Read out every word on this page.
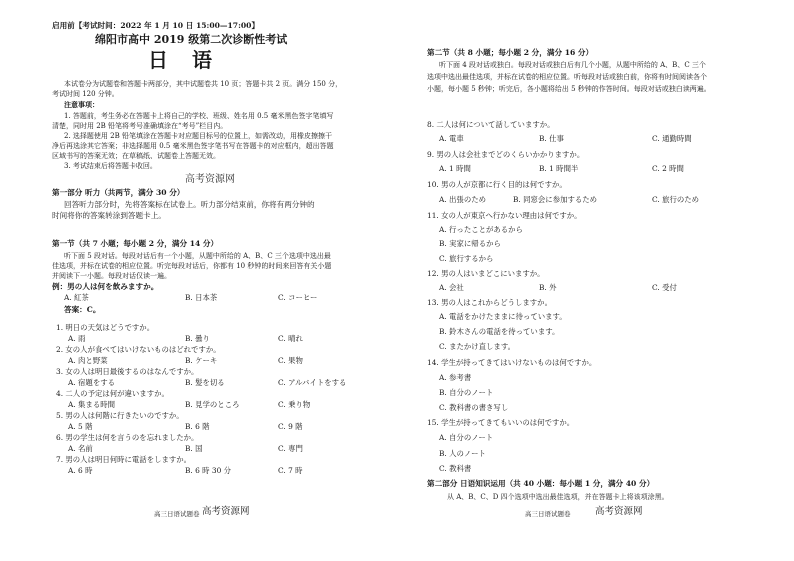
启用前【考试时间：2022 年 1 月 10 日 15:00—17:00】
绵阳市高中 2019 级第二次诊断性考试
日　语
本试卷分为试题卷和答题卡两部分，其中试题卷共 10 页；答题卡共 2 页。满分 150 分，
考试时间 120 分钟。
注意事项：
1. 答题前，考生务必在答题卡上将自己的学校、班级、姓名用 0.5 毫米黑色签字笔填写
清楚，同时用 2B 铅笔将考号准确填涂在“考号”栏目内。
2. 选择题使用 2B 铅笔填涂在答题卡对应题目标号的位置上，如需改动，用橡皮擦擦干
净后再选涂其它答案；非选择题用 0.5 毫米黑色签字笔书写在答题卡的对应框内，超出答题
区域书写的答案无效；在草稿纸、试题卷上答题无效。
3. 考试结束后将答题卡收回。
高考资源网
第一部分 听力（共两节，满分 30 分）
回答听力部分时，先将答案标在试卷上。听力部分结束前，你将有两分钟的
时间将你的答案转涂到答题卡上。
第一节（共 7 小题；每小题 2 分，满分 14 分）
听下面 5 段对话。每段对话后有一个小题，从题中所给的 A、B、C 三个选项中选出最
佳选项，并标在试卷的相应位置。听完每段对话后，你都有 10 秒钟的时间来回答有关小题
并阅读下一小题。每段对话仅读一遍。
例：男の人は何を飲みますか。
A. 紅茶	B. 日本茶	C. コーヒー
答案：C。
1. 明日の天気はどうですか。
A. 雨	B. 曇り	C. 晴れ
2. 女の人が食べてはいけないものはどれですか。
A. 肉と野菜	B. ケーキ	C. 果物
3. 女の人は明日最後するのはなんですか。
A. 宿題をする	B. 髪を切る	C. アルバイトをする
4. 二人の予定は何が違いますか。
A. 集まる時間	B. 見学のところ	C. 乗り物
5. 男の人は何階に行きたいのですか。
A. 5 階	B. 6 階	C. 9 階
6. 男の学生は何を言うのを忘れましたか。
A. 名前	B. 国	C. 専門
7. 男の人は明日何時に電話をしますか。
A. 6 時	B. 6 時 30 分	C. 7 時
高三日语试题卷 高考资源网
第二节（共 8 小题；每小题 2 分，满分 16 分）
听下面 4 段对话或独白。每段对话或独白后有几个小题，从题中所给的 A、B、C 三个
选项中选出最佳选项，并标在试卷的相应位置。听每段对话或独白前，你将有时间阅读各个
小题，每小题 5 秒钟；听完后，各小题将给出 5 秒钟的作答时间。每段对话或独白读两遍。
8. 二人は何について話していますか。
A. 電車	B. 仕事	C. 通勤時間
9. 男の人は会社までどのくらいかかりますか。
A. 1 時間	B. 1 時間半	C. 2 時間
10. 男の人が京都に行く目的は何ですか。
A. 出張のため	B. 同窓会に参加するため	C. 旅行のため
11. 女の人が東京へ行かない理由は何ですか。
A. 行ったことがあるから
B. 実家に帰るから
C. 旅行するから
12. 男の人はいまどこにいますか。
A. 会社	B. 外	C. 受付
13. 男の人はこれからどうしますか。
A. 電話をかけたままに待っています。
B. 鈴木さんの電話を待っています。
C. またかけ直します。
14. 学生が持ってきてはいけないものは何ですか。
A. 参考書
B. 自分のノート
C. 教科書の書き写し
15. 学生が持ってきてもいいのは何ですか。
A. 自分のノート
B. 人のノート
C. 教科書
第二部分 日语知识运用（共 40 小题：每小题 1 分，满分 40 分）
从 A、B、C、D 四个选项中选出最佳选项，并在答题卡上将该项涂黑。
高三日语试题卷	高考资源网
